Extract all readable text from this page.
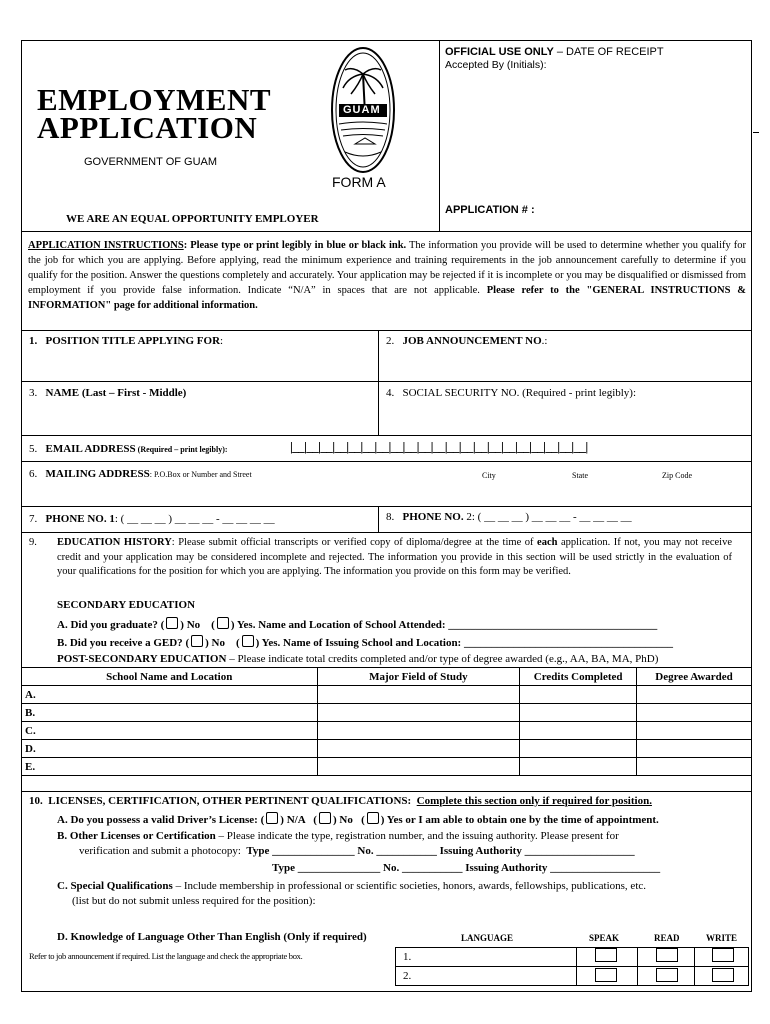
EMPLOYMENT
APPLICATION
GOVERNMENT OF GUAM
GUAM
FORM A
WE ARE AN EQUAL OPPORTUNITY EMPLOYER
OFFICIAL USE ONLY – DATE OF RECEIPT
Accepted By (Initials):
APPLICATION # :
APPLICATION INSTRUCTIONS: Please type or print legibly in blue or black ink. The information you provide will be used to determine whether you qualify for the job for which you are applying. Before applying, read the minimum experience and training requirements in the job announcement carefully to determine if you qualify for the position. Answer the questions completely and accurately. Your application may be rejected if it is incomplete or you may be disqualified or dismissed from employment if you provide false information. Indicate “N/A” in spaces that are not applicable. Please refer to the "GENERAL INSTRUCTIONS & INFORMATION" page for additional information.
1. POSITION TITLE APPLYING FOR:	2. JOB ANNOUNCEMENT NO.:
3. NAME (Last – First - Middle)	4. SOCIAL SECURITY NO. (Required - print legibly):
5. EMAIL ADDRESS (Required – print legibly):	|__|__|__|__|__|__|__|__|__|__|__|__|__|__|__|__|__|__|__|__|__|
6. MAILING ADDRESS: P.O.Box or Number and Street	City	State	Zip Code
7. PHONE NO. 1: ( __ __ __ ) __ __ __ - __ __ __ __	8. PHONE NO. 2: ( __ __ __ ) __ __ __ - __ __ __ __
9. EDUCATION HISTORY: Please submit official transcripts or verified copy of diploma/degree at the time of each application. If not, you may not receive credit and your application may be considered incomplete and rejected. The information you provide in this section will be used strictly in the evaluation of your qualifications for the position for which you are applying. The information you provide on this form may be verified.
SECONDARY EDUCATION
A. Did you graduate? ( ) No    ( ) Yes. Name and Location of School Attended: ______________________________________
B. Did you receive a GED? ( ) No    ( ) Yes. Name of Issuing School and Location: ______________________________________
POST-SECONDARY EDUCATION – Please indicate total credits completed and/or type of degree awarded (e.g., AA, BA, MA, PhD)
School Name and Location	Major Field of Study	Credits Completed	Degree Awarded
A.			
B.			
C.			
D.			
E.			
10. LICENSES, CERTIFICATION, OTHER PERTINENT QUALIFICATIONS: Complete this section only if required for position.
A. Do you possess a valid Driver’s License: ( ) N/A   ( ) No   ( ) Yes or I am able to obtain one by the time of appointment.
B. Other Licenses or Certification – Please indicate the type, registration number, and the issuing authority. Please present for
verification and submit a photocopy: Type _______________ No. ___________ Issuing Authority ____________________
Type _______________ No. ___________ Issuing Authority ____________________
C. Special Qualifications – Include membership in professional or scientific societies, honors, awards, fellowships, publications, etc.
(list but do not submit unless required for the position):
D. Knowledge of Language Other Than English (Only if required)	LANGUAGE	SPEAK	READ	WRITE
Refer to job announcement if required. List the language and check the appropriate box.	1.
2.
